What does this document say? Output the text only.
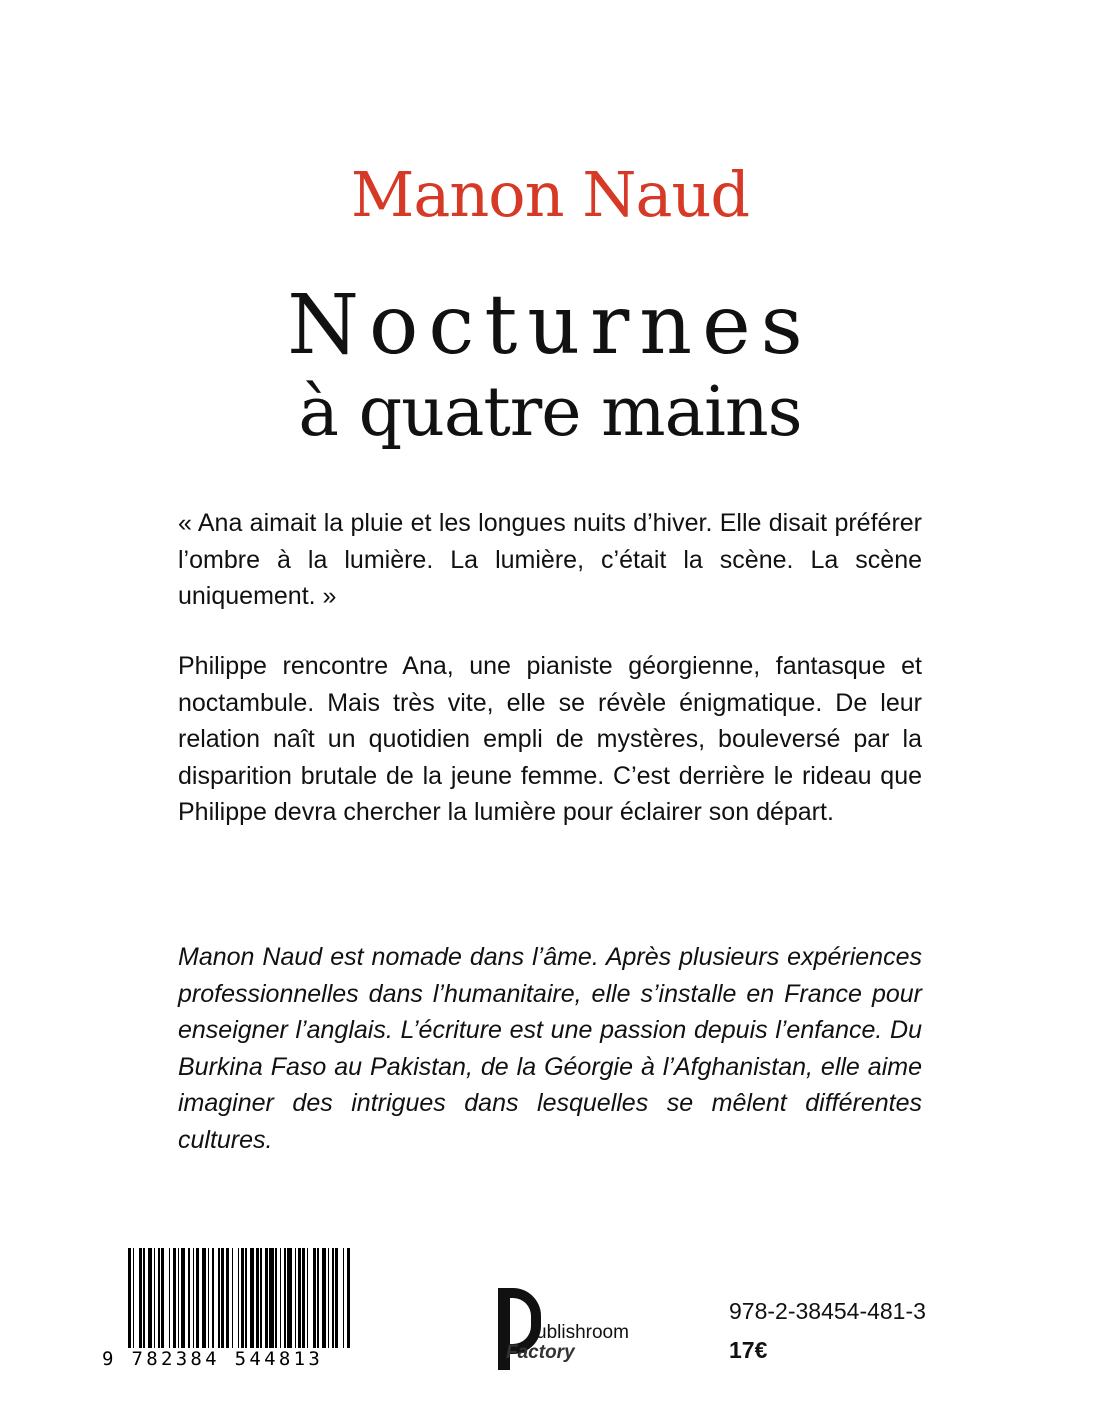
Manon Naud
Nocturnes
à quatre mains
« Ana aimait la pluie et les longues nuits d’hiver. Elle disait préférer l’ombre à la lumière. La lumière, c’était la scène. La scène uniquement. »
Philippe rencontre Ana, une pianiste géorgienne, fantasque et noctambule. Mais très vite, elle se révèle énigmatique. De leur relation naît un quotidien empli de mystères, bouleversé par la disparition brutale de la jeune femme. C’est derrière le rideau que Philippe devra chercher la lumière pour éclairer son départ.
Manon Naud est nomade dans l’âme. Après plusieurs expériences professionnelles dans l’humanitaire, elle s’installe en France pour enseigner l’anglais. L’écriture est une passion depuis l’enfance. Du Burkina Faso au Pakistan, de la Géorgie à l’Afghanistan, elle aime imaginer des intrigues dans lesquelles se mêlent différentes cultures.
9 782384 544813
ublishroom
Factory
978-2-38454-481-3
17€
